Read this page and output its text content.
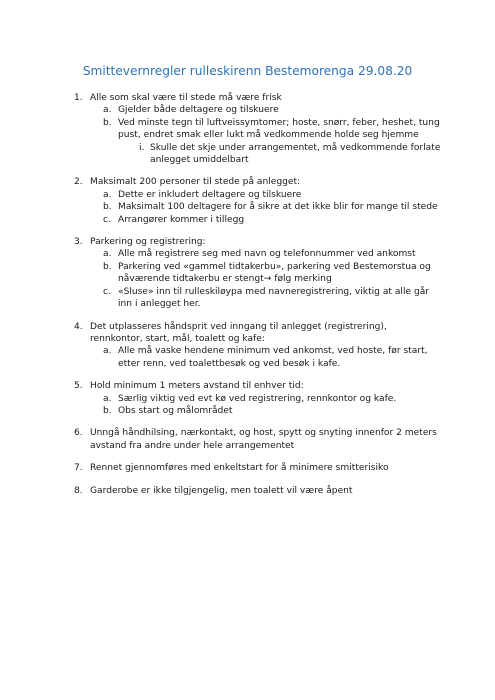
Smittevernregler rulleskirenn Bestemorenga 29.08.20
1. Alle som skal være til stede må være frisk
a. Gjelder både deltagere og tilskuere
b. Ved minste tegn til luftveissymtomer; hoste, snørr, feber, heshet, tung pust, endret smak eller lukt må vedkommende holde seg hjemme
i. Skulle det skje under arrangementet, må vedkommende forlate anlegget umiddelbart
2. Maksimalt 200 personer til stede på anlegget:
a. Dette er inkludert deltagere og tilskuere
b. Maksimalt 100 deltagere for å sikre at det ikke blir for mange til stede
c. Arrangører kommer i tillegg
3. Parkering og registrering:
a. Alle må registrere seg med navn og telefonnummer ved ankomst
b. Parkering ved «gammel tidtakerbu», parkering ved Bestemorstua og nåværende tidtakerbu er stengt→ følg merking
c. «Sluse» inn til rulleskiløypa med navneregistrering, viktig at alle går inn i anlegget her.
4. Det utplasseres håndsprit ved inngang til anlegget (registrering), rennkontor, start, mål, toalett og kafe:
a. Alle må vaske hendene minimum ved ankomst, ved hoste, før start, etter renn, ved toalettbesøk og ved besøk i kafe.
5. Hold minimum 1 meters avstand til enhver tid:
a. Særlig viktig ved evt kø ved registrering, rennkontor og kafe.
b. Obs start og målområdet
6. Unngå håndhilsing, nærkontakt, og host, spytt og snyting innenfor 2 meters avstand fra andre under hele arrangementet
7. Rennet gjennomføres med enkeltstart for å minimere smitterisiko
8. Garderobe er ikke tilgjengelig, men toalett vil være åpent
